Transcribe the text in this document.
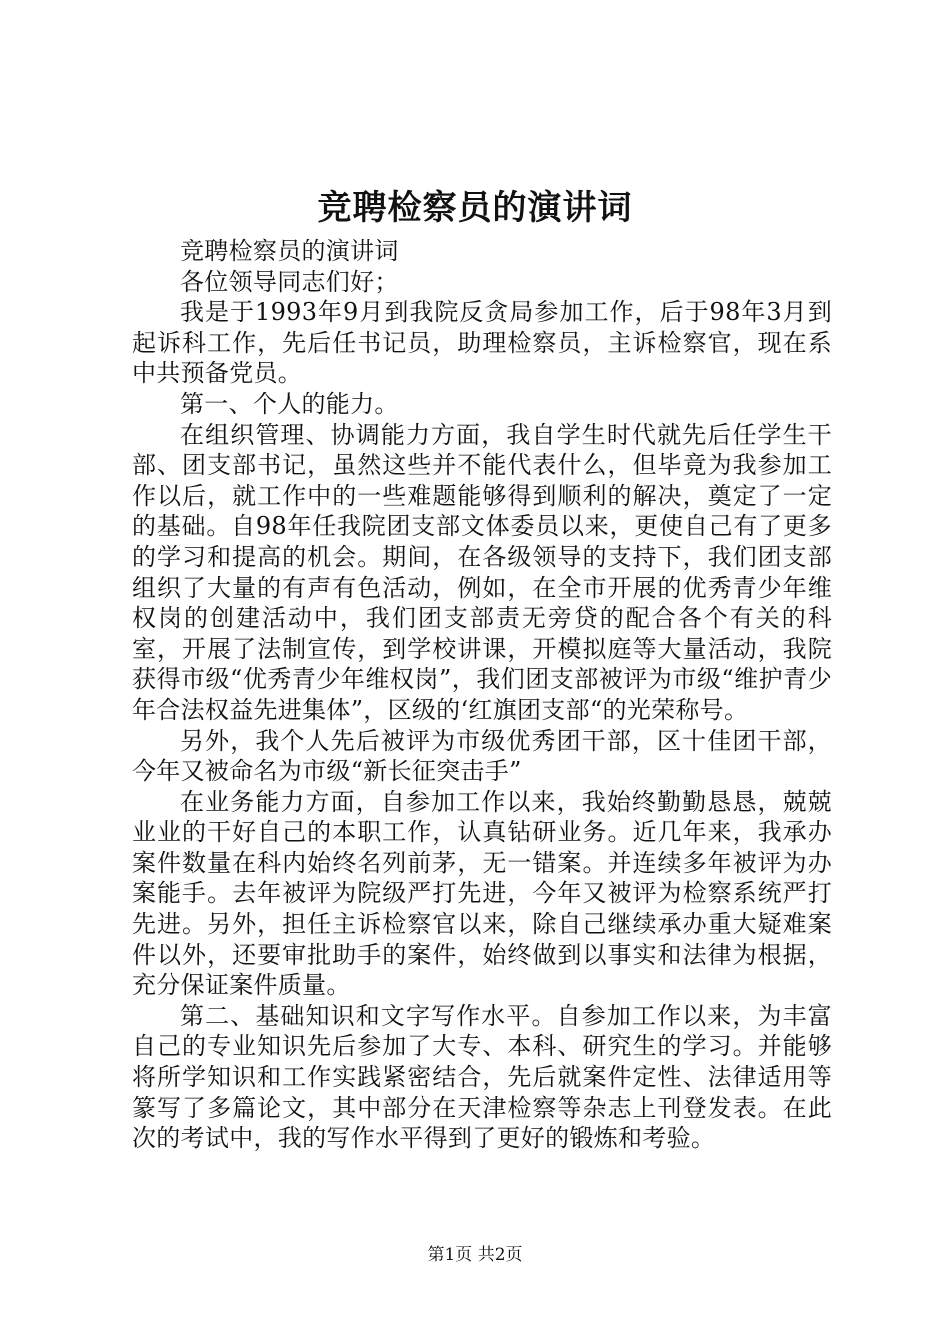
竞聘检察员的演讲词

竞聘检察员的演讲词

各位领导同志们好；

我是于1993年9月到我院反贪局参加工作，后于98年3月到起诉科工作，先后任书记员，助理检察员，主诉检察官，现在系中共预备党员。

第一、个人的能力。

在组织管理、协调能力方面，我自学生时代就先后任学生干部、团支部书记，虽然这些并不能代表什么，但毕竟为我参加工作以后，就工作中的一些难题能够得到顺利的解决，奠定了一定的基础。自98年任我院团支部文体委员以来，更使自己有了更多的学习和提高的机会。期间，在各级领导的支持下，我们团支部组织了大量的有声有色活动，例如，在全市开展的优秀青少年维权岗的创建活动中，我们团支部责无旁贷的配合各个有关的科室，开展了法制宣传，到学校讲课，开模拟庭等大量活动，我院获得市级“优秀青少年维权岗”，我们团支部被评为市级“维护青少年合法权益先进集体”，区级的‘红旗团支部“的光荣称号。

另外，我个人先后被评为市级优秀团干部，区十佳团干部，今年又被命名为市级“新长征突击手”

在业务能力方面，自参加工作以来，我始终勤勤恳恳，兢兢业业的干好自己的本职工作，认真钻研业务。近几年来，我承办案件数量在科内始终名列前茅，无一错案。并连续多年被评为办案能手。去年被评为院级严打先进，今年又被评为检察系统严打先进。另外，担任主诉检察官以来，除自己继续承办重大疑难案件以外，还要审批助手的案件，始终做到以事实和法律为根据，充分保证案件质量。

第二、基础知识和文字写作水平。自参加工作以来，为丰富自己的专业知识先后参加了大专、本科、研究生的学习。并能够将所学知识和工作实践紧密结合，先后就案件定性、法律适用等篆写了多篇论文，其中部分在天津检察等杂志上刊登发表。在此次的考试中，我的写作水平得到了更好的锻炼和考验。

第1页 共2页
